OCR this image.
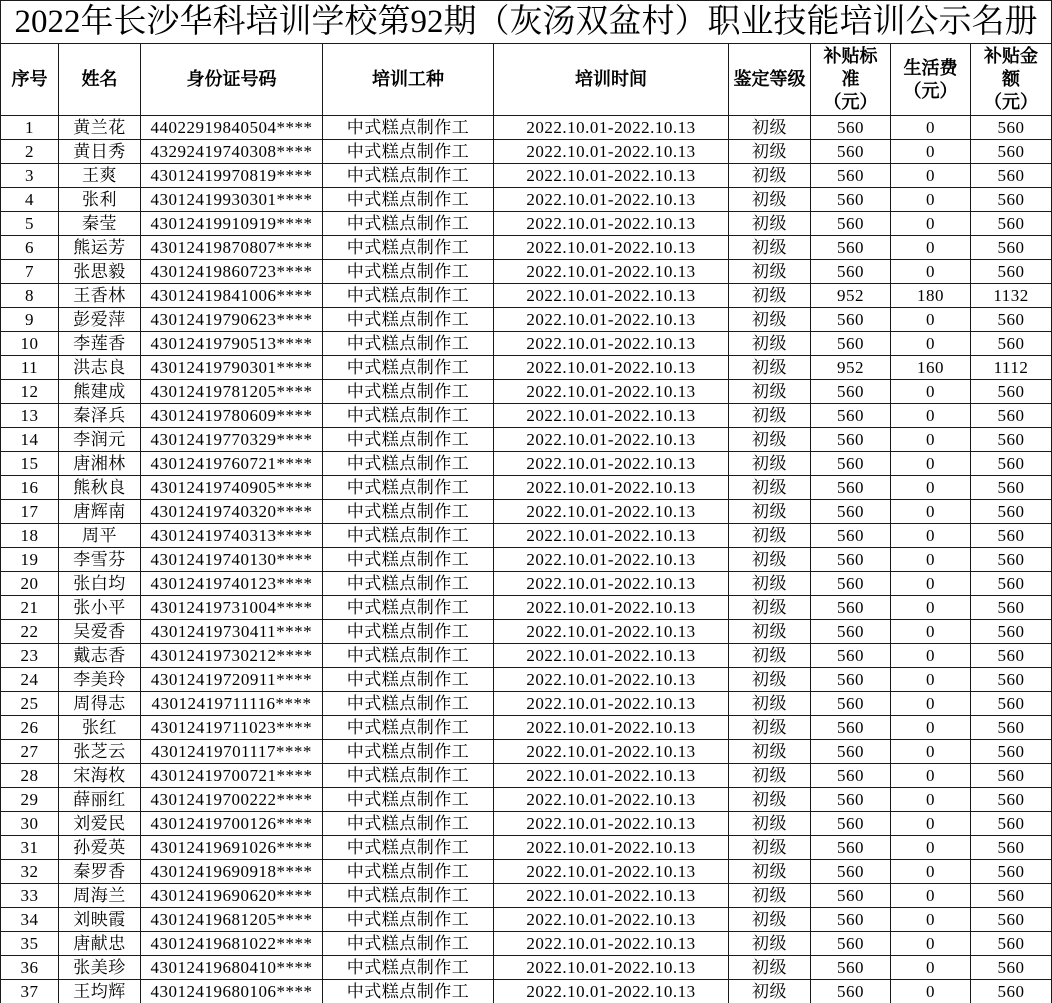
2022年长沙华科培训学校第92期（灰汤双盆村）职业技能培训公示名册								
序号	姓名	身份证号码	培训工种	培训时间	鉴定等级	补贴标准（元）	生活费（元）	补贴金额（元）
1	黄兰花	44022919840504****	中式糕点制作工	2022.10.01-2022.10.13	初级	560	0	560
2	黄日秀	43292419740308****	中式糕点制作工	2022.10.01-2022.10.13	初级	560	0	560
3	王爽	43012419970819****	中式糕点制作工	2022.10.01-2022.10.13	初级	560	0	560
4	张利	43012419930301****	中式糕点制作工	2022.10.01-2022.10.13	初级	560	0	560
5	秦莹	43012419910919****	中式糕点制作工	2022.10.01-2022.10.13	初级	560	0	560
6	熊运芳	43012419870807****	中式糕点制作工	2022.10.01-2022.10.13	初级	560	0	560
7	张思毅	43012419860723****	中式糕点制作工	2022.10.01-2022.10.13	初级	560	0	560
8	王香林	43012419841006****	中式糕点制作工	2022.10.01-2022.10.13	初级	952	180	1132
9	彭爱萍	43012419790623****	中式糕点制作工	2022.10.01-2022.10.13	初级	560	0	560
10	李莲香	43012419790513****	中式糕点制作工	2022.10.01-2022.10.13	初级	560	0	560
11	洪志良	43012419790301****	中式糕点制作工	2022.10.01-2022.10.13	初级	952	160	1112
12	熊建成	43012419781205****	中式糕点制作工	2022.10.01-2022.10.13	初级	560	0	560
13	秦泽兵	43012419780609****	中式糕点制作工	2022.10.01-2022.10.13	初级	560	0	560
14	李润元	43012419770329****	中式糕点制作工	2022.10.01-2022.10.13	初级	560	0	560
15	唐湘林	43012419760721****	中式糕点制作工	2022.10.01-2022.10.13	初级	560	0	560
16	熊秋良	43012419740905****	中式糕点制作工	2022.10.01-2022.10.13	初级	560	0	560
17	唐辉南	43012419740320****	中式糕点制作工	2022.10.01-2022.10.13	初级	560	0	560
18	周平	43012419740313****	中式糕点制作工	2022.10.01-2022.10.13	初级	560	0	560
19	李雪芬	43012419740130****	中式糕点制作工	2022.10.01-2022.10.13	初级	560	0	560
20	张白均	43012419740123****	中式糕点制作工	2022.10.01-2022.10.13	初级	560	0	560
21	张小平	43012419731004****	中式糕点制作工	2022.10.01-2022.10.13	初级	560	0	560
22	吴爱香	43012419730411****	中式糕点制作工	2022.10.01-2022.10.13	初级	560	0	560
23	戴志香	43012419730212****	中式糕点制作工	2022.10.01-2022.10.13	初级	560	0	560
24	李美玲	43012419720911****	中式糕点制作工	2022.10.01-2022.10.13	初级	560	0	560
25	周得志	43012419711116****	中式糕点制作工	2022.10.01-2022.10.13	初级	560	0	560
26	张红	43012419711023****	中式糕点制作工	2022.10.01-2022.10.13	初级	560	0	560
27	张芝云	43012419701117****	中式糕点制作工	2022.10.01-2022.10.13	初级	560	0	560
28	宋海枚	43012419700721****	中式糕点制作工	2022.10.01-2022.10.13	初级	560	0	560
29	薛丽红	43012419700222****	中式糕点制作工	2022.10.01-2022.10.13	初级	560	0	560
30	刘爱民	43012419700126****	中式糕点制作工	2022.10.01-2022.10.13	初级	560	0	560
31	孙爱英	43012419691026****	中式糕点制作工	2022.10.01-2022.10.13	初级	560	0	560
32	秦罗香	43012419690918****	中式糕点制作工	2022.10.01-2022.10.13	初级	560	0	560
33	周海兰	43012419690620****	中式糕点制作工	2022.10.01-2022.10.13	初级	560	0	560
34	刘映霞	43012419681205****	中式糕点制作工	2022.10.01-2022.10.13	初级	560	0	560
35	唐献忠	43012419681022****	中式糕点制作工	2022.10.01-2022.10.13	初级	560	0	560
36	张美珍	43012419680410****	中式糕点制作工	2022.10.01-2022.10.13	初级	560	0	560
37	王均辉	43012419680106****	中式糕点制作工	2022.10.01-2022.10.13	初级	560	0	560
